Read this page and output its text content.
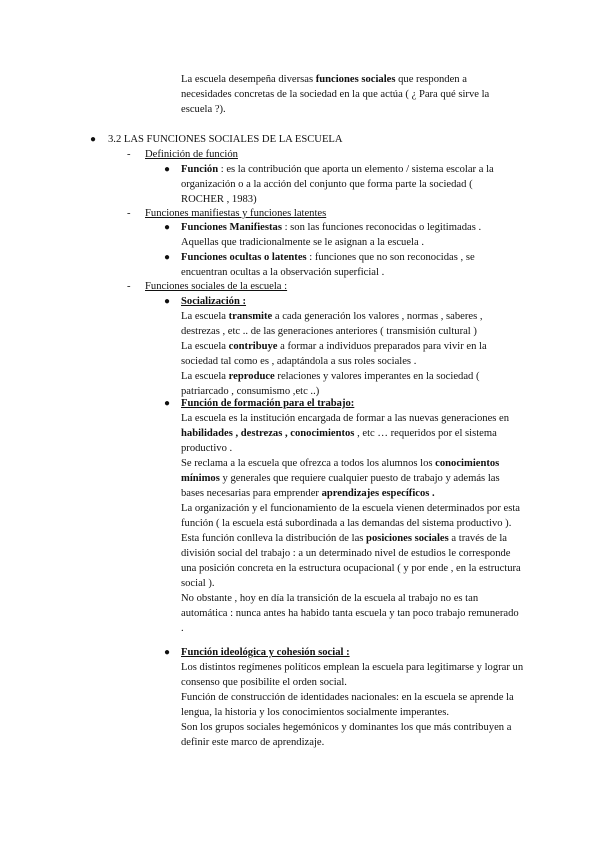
La escuela desempeña diversas funciones sociales que responden a necesidades concretas de la sociedad en la que actúa ( ¿ Para qué sirve la escuela ?).
● 3.2 LAS FUNCIONES SOCIALES DE LA ESCUELA
- Definición de función
● Función : es la contribución que aporta un elemento / sistema escolar a la organización o a la acción del conjunto que forma parte la sociedad ( ROCHER , 1983)
- Funciones manifiestas y funciones latentes
● Funciones Manifiestas : son las funciones reconocidas o legitimadas . Aquellas que tradicionalmente se le asignan a la escuela .
● Funciones ocultas o latentes : funciones que no son reconocidas , se encuentran ocultas a la observación superficial .
- Funciones sociales de la escuela :
● Socialización :
La escuela transmite a cada generación los valores , normas , saberes , destrezas , etc .. de las generaciones anteriores ( transmisión cultural )
La escuela contribuye a formar a individuos preparados para vivir en la sociedad tal como es , adaptándola a sus roles sociales .
La escuela reproduce relaciones y valores imperantes en la sociedad ( patriarcado , consumismo ,etc ..)
● Función de formación para el trabajo:
La escuela es la institución encargada de formar a las nuevas generaciones en habilidades , destrezas , conocimientos , etc … requeridos por el sistema productivo .
Se reclama a la escuela que ofrezca a todos los alumnos los conocimientos mínimos y generales que requiere cualquier puesto de trabajo y además las bases necesarias para emprender aprendizajes específicos .
La organización y el funcionamiento de la escuela vienen determinados por esta función ( la escuela está subordinada a las demandas del sistema productivo ).
Esta función conlleva la distribución de las posiciones sociales a través de la división social del trabajo : a un determinado nivel de estudios le corresponde una posición concreta en la estructura ocupacional ( y por ende , en la estructura social ).
No obstante , hoy en día la transición de la escuela al trabajo no es tan automática : nunca antes ha habido tanta escuela y tan poco trabajo remunerado .
● Función ideológica y cohesión social :
Los distintos regímenes políticos emplean la escuela para legitimarse y lograr un consenso que posibilite el orden social.
Función de construcción de identidades nacionales: en la escuela se aprende la lengua, la historia y los conocimientos socialmente imperantes.
Son los grupos sociales hegemónicos y dominantes los que más contribuyen a definir este marco de aprendizaje.
